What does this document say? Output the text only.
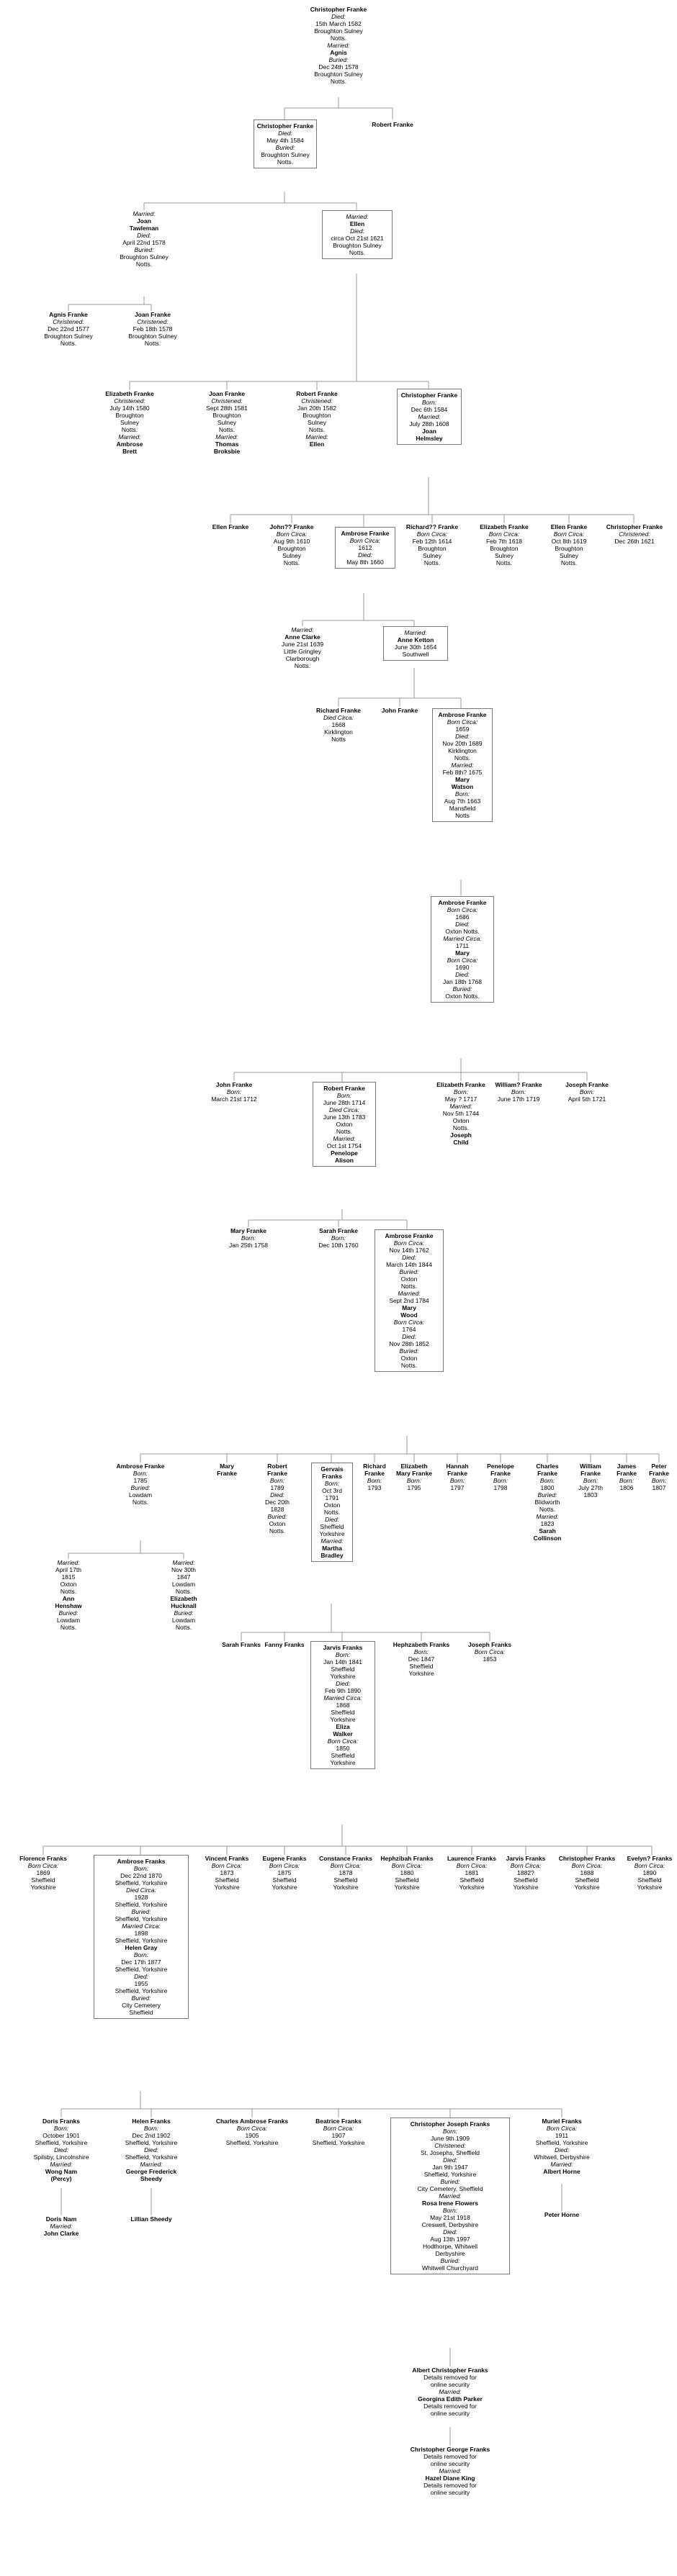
Christopher Franke
Died:
15th March 1582
Broughton Sulney
Notts.
Married:
Agnis
Buried:
Dec 24th 1578
Broughton Sulney
Notts.
Christopher Franke
Died:
May 4th 1584
Buried:
Broughton Sulney
Notts.
Robert Franke
Married:
Joan
Tawleman
Died:
April 22nd 1578
Buried:
Broughton Sulney
Notts.
Married:
Ellen
Died:
circa Oct 21st 1621
Broughton Sulney
Notts.
Agnis Franke
Christened:
Dec 22nd 1577
Broughton Sulney
Notts.
Joan Franke
Christened:
Feb 18th 1578
Broughton Sulney
Notts.
Elizabeth Franke
Christened:
July 14th 1580
Broughton
Sulney
Notts.
Married:
Ambrose
Brett
Joan Franke
Christened:
Sept 28th 1581
Broughton
Sulney
Notts.
Married:
Thomas
Broksbie
Robert Franke
Christened:
Jan 20th 1582
Broughton
Sulney
Notts.
Married:
Ellen
Christopher Franke
Born:
Dec 6th 1584
Married:
July 28th 1608
Joan
Helmsley
Ellen Franke	John?? Franke
Born Circa:
Aug 9th 1610
Broughton
Sulney
Notts.
Ambrose Franke
Born Circa:
1612
Died:
May 8th 1660
Richard?? Franke
Born Circa:
Feb 12th 1614
Broughton
Sulney
Notts.
Elizabeth Franke
Born Circa:
Feb 7th 1618
Broughton
Sulney
Notts.
Ellen Franke
Born Circa:
Oct 8th 1619
Broughton
Sulney
Notts.
Christopher Franke
Christened:
Dec 26th 1621
Married:
Anne Clarke
June 21st 1639
Little Gringley
Clarborough
Notts.
Married:
Anne Ketton
June 30th 1654
Southwell
Richard Franke
Died Circa:
1668
Kirklington
Notts
John Franke
Ambrose Franke
Born Circa:
1659
Died:
Nov 20th 1689
Kirklington
Notts.
Married:
Feb 8th? 1675
Mary
Watson
Born:
Aug 7th 1663
Mansfield
Notts
Ambrose Franke
Born Circa:
1686
Died:
Oxton Notts.
Married Circa:
1711
Mary
Born Circa:
1690
Died:
Jan 18th 1768
Buried:
Oxton Notts.
John Franke
Born:
March 21st 1712
Robert Franke
Born:
June 28th 1714
Died Circa:
June 13th 1783
Oxton
Notts.
Married:
Oct 1st 1754
Penelope
Alison
Elizabeth Franke
Born:
May ? 1717
Married:
Nov 5th 1744
Oxton
Notts.
Joseph
Child
William? Franke
Born:
June 17th 1719
Joseph Franke
Born:
April 5th 1721
Mary Franke
Born:
Jan 25th 1758
Sarah Franke
Born:
Dec 10th 1760
Ambrose Franke
Born Circa:
Nov 14th 1762
Died:
March 14th 1844
Buried:
Oxton
Notts.
Married:
Sept 2nd 1784
Mary
Wood
Born Circa:
1764
Died:
Nov 28th 1852
Buried:
Oxton
Notts.
Ambrose Franke
Born:
1785
Buried:
Lowdam
Notts.
Mary Franke
Robert Franke
Born:
1789
Died:
Dec 20th
1828
Buried:
Oxton
Notts.
Gervais Franks
Born:
Oct 3rd
1791
Oxton
Notts.
Died:
Sheffield
Yorkshire
Married:
Martha
Bradley
Richard Franke
Born:
1793
Elizabeth Mary Franke
Born:
1795
Hannah Franke
Born:
1797
Penelope Franke
Born:
1798
Charles Franke
Born:
1800
Buried:
Blidworth
Notts.
Married:
1823
Sarah
Collinson
William Franke
Born:
July 27th
1803
James Franke
Born:
1806
Peter Franke
Born:
1807
Married:
April 17th
1815
Oxton
Notts.
Ann
Henshaw
Buried:
Lowdam
Notts.
Married:
Nov 30th
1847
Lowdam
Notts.
Elizabeth
Hucknall
Buried:
Lowdam
Notts.
Sarah Franks Fanny Franks	Jarvis Franks
Born:
Jan 14th 1841
Sheffield
Yorkshire
Died:
Feb 9th 1890
Married Circa:
1868
Sheffield
Yorkshire
Eliza
Walker
Born Circa:
1850
Sheffield
Yorkshire
Hephzabeth Franks
Born:
Dec 1847
Sheffield
Yorkshire
Joseph Franks
Born Circa:
1853
Florence Franks
Born Circa:
1869
Sheffield
Yorkshire
Ambrose Franks
Born:
Dec 22nd 1870
Sheffield, Yorkshire
Died Circa:
1928
Sheffield, Yorkshire
Buried:
Sheffield, Yorkshire
Married Circa:
1898
Sheffield, Yorkshire
Helen Gray
Born:
Dec 17th 1877
Sheffield, Yorkshire
Died:
1955
Sheffield, Yorkshire
Buried:
City Cemetery
Sheffield
Vincent Franks
Born Circa:
1873
Sheffield
Yorkshire
Eugene Franks
Born Circa:
1875
Sheffield
Yorkshire
Constance Franks
Born Circa:
1878
Sheffield
Yorkshire
Hephzibah Franks
Born Circa:
1880
Sheffield
Yorkshire
Laurence Franks
Born Circa:
1881
Sheffield
Yorkshire
Jarvis Franks
Born Circa:
1882?
Sheffield
Yorkshire
Christopher Franks
Born Circa:
1888
Sheffield
Yorkshire
Evelyn? Franks
Born Circa:
1890
Sheffield
Yorkshire
Doris Franks
Born:
October 1901
Sheffield, Yorkshire
Died:
Spilsby, Lincolnshire
Married:
Wong Nam
(Percy)
Helen Franks
Born:
Dec 2nd 1902
Sheffield, Yorkshire
Died:
Sheffield, Yorkshire
Married:
George Frederick
Sheedy
Charles Ambrose Franks
Born Circa:
1905
Sheffield, Yorkshire
Beatrice Franks
Born Circa:
1907
Sheffield, Yorkshire
Christopher Joseph Franks
Born:
June 9th 1909
Christened:
St. Josephs, Sheffield
Died:
Jan 9th 1947
Sheffield, Yorkshire
Buried:
City Cemetery, Sheffield
Married:
Rosa Irene Flowers
Born:
May 21st 1918
Creswell, Derbyshire
Died:
Aug 13th 1997
Hodthorpe, Whitwell
Derbyshire
Buried:
Whitwell Churchyard
Muriel Franks
Born Circa:
1911
Sheffield, Yorkshire
Died:
Whitwell, Derbyshire
Married:
Albert Horne
Doris Nam
Married:
John Clarke
Lillian Sheedy
Peter Horne
Albert Christopher Franks
Details removed for
online security
Married:
Georgina Edith Parker
Details removed for
online security
Christopher George Franks
Details removed for
online security
Married:
Hazel Diane King
Details removed for
online security
